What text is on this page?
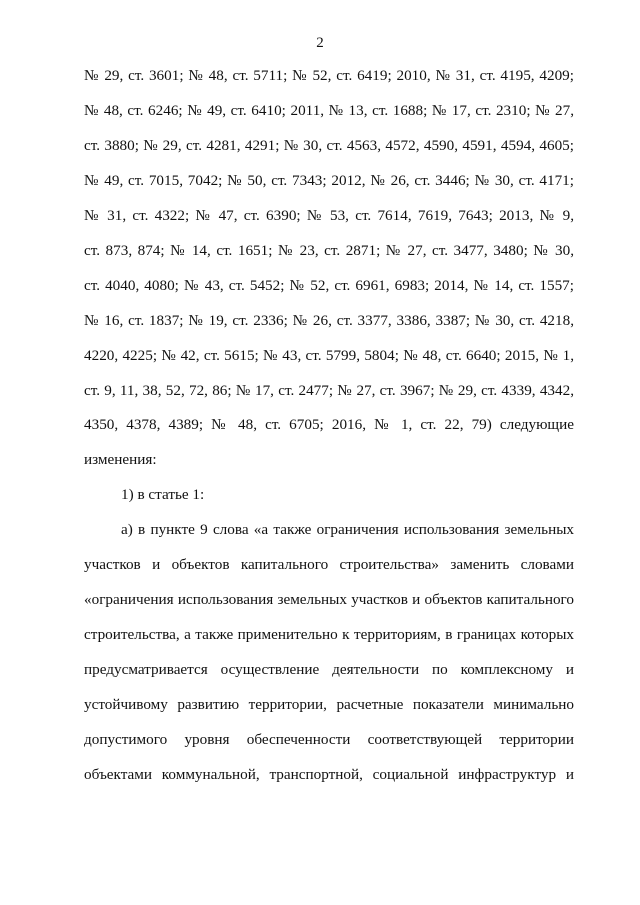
2
№ 29, ст. 3601; № 48, ст. 5711; № 52, ст. 6419; 2010, № 31, ст. 4195, 4209;
№ 48, ст. 6246; № 49, ст. 6410; 2011, № 13, ст. 1688; № 17, ст. 2310; № 27,
ст. 3880; № 29, ст. 4281, 4291; № 30, ст. 4563, 4572, 4590, 4591, 4594, 4605;
№ 49, ст. 7015, 7042; № 50, ст. 7343; 2012, № 26, ст. 3446; № 30, ст. 4171;
№ 31, ст. 4322; № 47, ст. 6390; № 53, ст. 7614, 7619, 7643; 2013, № 9,
ст. 873, 874; № 14, ст. 1651; № 23, ст. 2871; № 27, ст. 3477, 3480; № 30,
ст. 4040, 4080; № 43, ст. 5452; № 52, ст. 6961, 6983; 2014, № 14, ст. 1557;
№ 16, ст. 1837; № 19, ст. 2336; № 26, ст. 3377, 3386, 3387; № 30, ст. 4218,
4220, 4225; № 42, ст. 5615; № 43, ст. 5799, 5804; № 48, ст. 6640; 2015, № 1,
ст. 9, 11, 38, 52, 72, 86; № 17, ст. 2477; № 27, ст. 3967; № 29, ст. 4339, 4342,
4350, 4378, 4389; № 48, ст. 6705; 2016, № 1, ст. 22, 79) следующие
изменения:
1) в статье 1:
а) в пункте 9 слова «а также ограничения использования земельных
участков и объектов капитального строительства» заменить словами
«ограничения использования земельных участков и объектов капитального
строительства, а также применительно к территориям, в границах которых
предусматривается осуществление деятельности по комплексному и
устойчивому развитию территории, расчетные показатели минимально
допустимого уровня обеспеченности соответствующей территории
объектами коммунальной, транспортной, социальной инфраструктур и
